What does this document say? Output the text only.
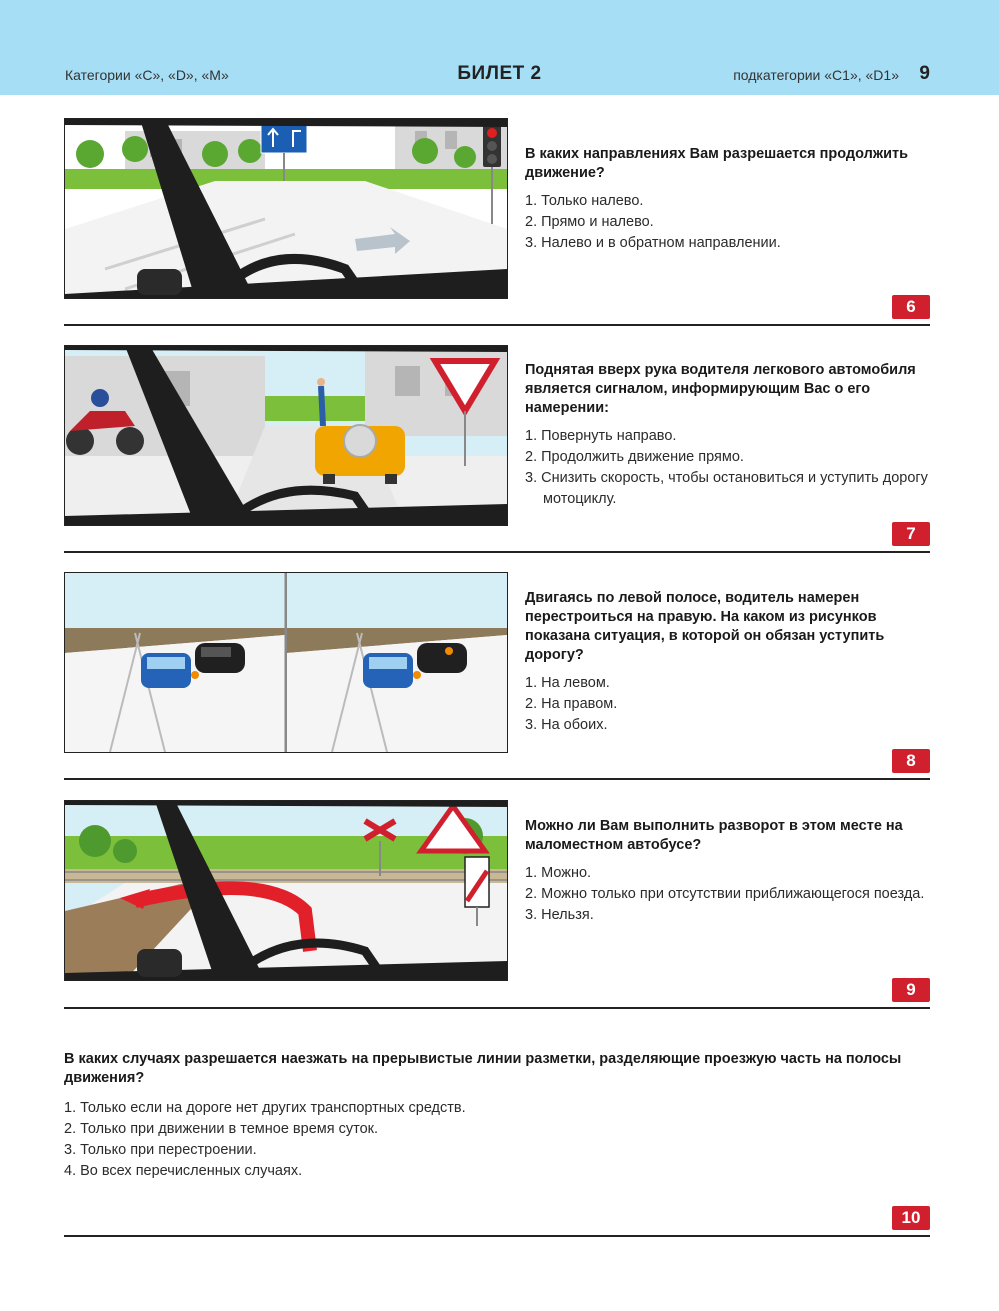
Категории «C», «D», «M»	БИЛЕТ 2	подкатегории «C1», «D1» 9
В каких направлениях Вам разрешается продолжить движение?
1. Только налево.
2. Прямо и налево.
3. Налево и в обратном направлении.
6
Поднятая вверх рука водителя легкового автомобиля является сигналом, информирующим Вас о его намерении:
1. Повернуть направо.
2. Продолжить движение прямо.
3. Снизить скорость, чтобы остановиться и уступить дорогу мотоциклу.
7
Двигаясь по левой полосе, водитель намерен перестроиться на правую. На каком из рисунков показана ситуация, в которой он обязан уступить дорогу?
1. На левом.
2. На правом.
3. На обоих.
8
Можно ли Вам выполнить разворот в этом месте на маломестном автобусе?
1. Можно.
2. Можно только при отсутствии приближающегося поезда.
3. Нельзя.
9
В каких случаях разрешается наезжать на прерывистые линии разметки, разделяющие проезжую часть на полосы движения?
1. Только если на дороге нет других транспортных средств.
2. Только при движении в темное время суток.
3. Только при перестроении.
4. Во всех перечисленных случаях.
10
